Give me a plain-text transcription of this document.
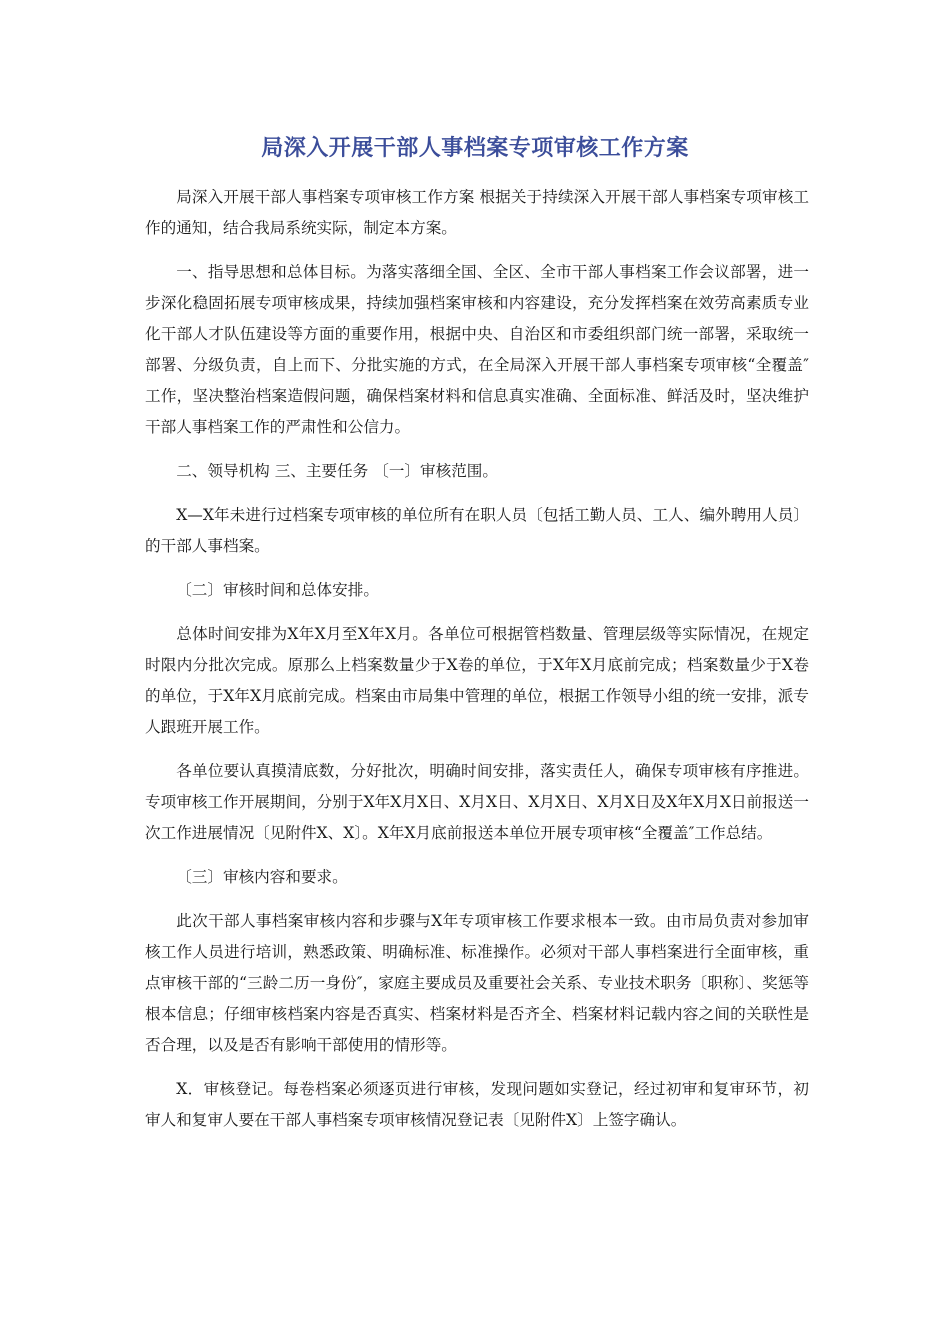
局深入开展干部人事档案专项审核工作方案

局深入开展干部人事档案专项审核工作方案 根据关于持续深入开展干部人事档案专项审核工作的通知，结合我局系统实际，制定本方案。

一、指导思想和总体目标。为落实落细全国、全区、全市干部人事档案工作会议部署，进一步深化稳固拓展专项审核成果，持续加强档案审核和内容建设，充分发挥档案在效劳高素质专业化干部人才队伍建设等方面的重要作用，根据中央、自治区和市委组织部门统一部署，采取统一部署、分级负责，自上而下、分批实施的方式，在全局深入开展干部人事档案专项审核“全覆盖″工作，坚决整治档案造假问题，确保档案材料和信息真实准确、全面标准、鲜活及时，坚决维护干部人事档案工作的严肃性和公信力。

二、领导机构 三、主要任务 〔一〕审核范围。

X—X年未进行过档案专项审核的单位所有在职人员〔包括工勤人员、工人、编外聘用人员〕的干部人事档案。

〔二〕审核时间和总体安排。

总体时间安排为X年X月至X年X月。各单位可根据管档数量、管理层级等实际情况，在规定时限内分批次完成。原那么上档案数量少于X卷的单位，于X年X月底前完成；档案数量少于X卷的单位，于X年X月底前完成。档案由市局集中管理的单位，根据工作领导小组的统一安排，派专人跟班开展工作。

各单位要认真摸清底数，分好批次，明确时间安排，落实责任人，确保专项审核有序推进。专项审核工作开展期间，分别于X年X月X日、X月X日、X月X日、X月X日及X年X月X日前报送一次工作进展情况〔见附件X、X〕。X年X月底前报送本单位开展专项审核“全覆盖″工作总结。

〔三〕审核内容和要求。

此次干部人事档案审核内容和步骤与X年专项审核工作要求根本一致。由市局负责对参加审核工作人员进行培训，熟悉政策、明确标准、标准操作。必须对干部人事档案进行全面审核，重点审核干部的“三龄二历一身份″，家庭主要成员及重要社会关系、专业技术职务〔职称〕、奖惩等根本信息；仔细审核档案内容是否真实、档案材料是否齐全、档案材料记载内容之间的关联性是否合理，以及是否有影响干部使用的情形等。

X．审核登记。每卷档案必须逐页进行审核，发现问题如实登记，经过初审和复审环节，初审人和复审人要在干部人事档案专项审核情况登记表〔见附件X〕上签字确认。
